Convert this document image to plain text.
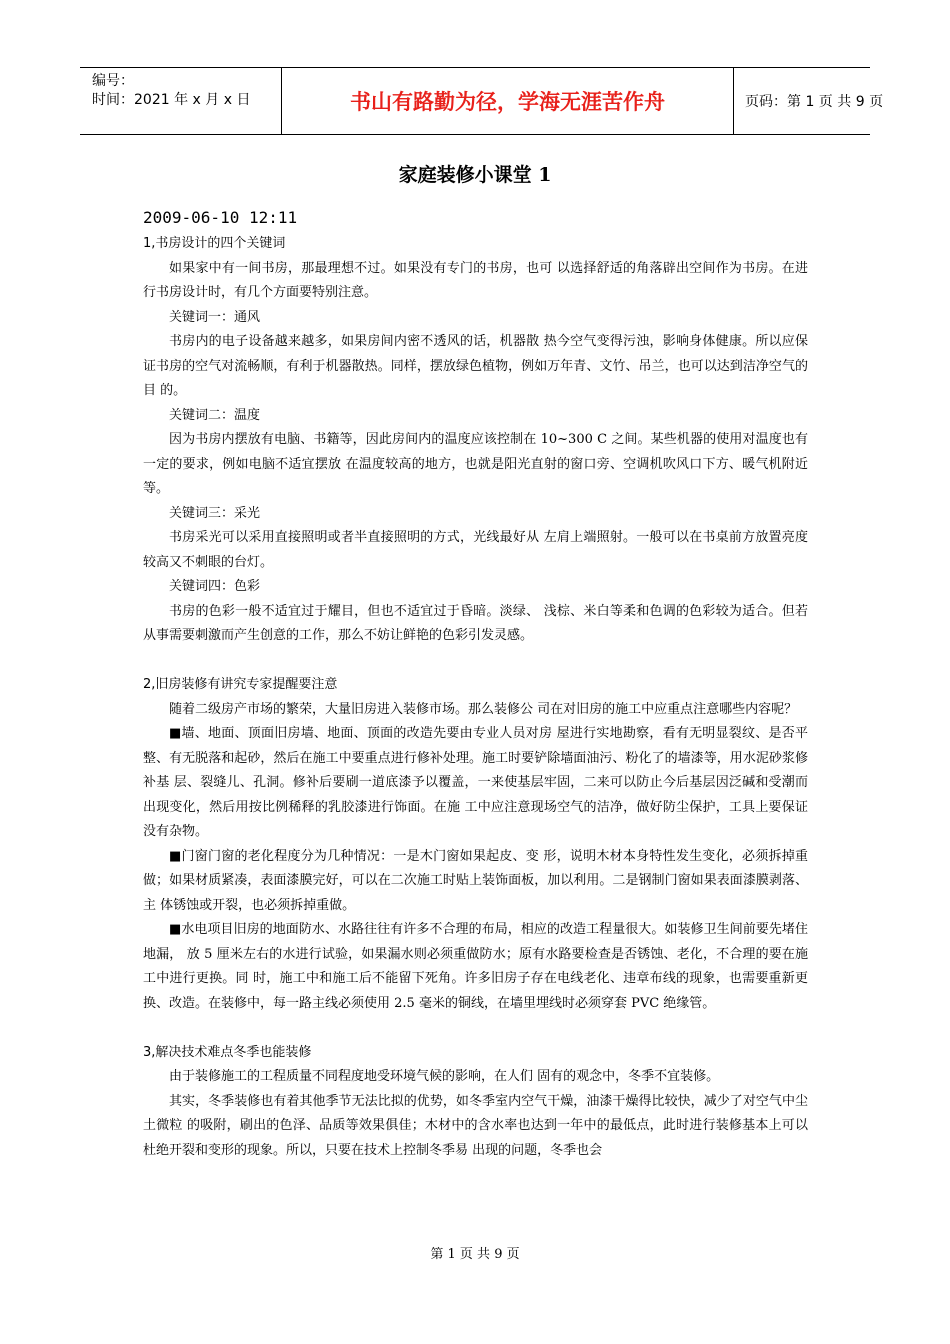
编号：
时间：2021 年 x 月 x 日	书山有路勤为径，学海无涯苦作舟	页码：第 1 页 共 9 页
家庭装修小课堂 1
2009-06-10 12:11

1,书房设计的四个关键词

如果家中有一间书房，那最理想不过。如果没有专门的书房，也可 以选择舒适的角落辟出空间作为书房。在进行书房设计时，有几个方面要特别注意。

关键词一：通风

书房内的电子设备越来越多，如果房间内密不透风的话，机器散 热今空气变得污浊，影响身体健康。所以应保证书房的空气对流畅顺，有利于机器散热。同样，摆放绿色植物，例如万年青、文竹、吊兰，也可以达到洁净空气的目 的。

关键词二：温度

因为书房内摆放有电脑、书籍等，因此房间内的温度应该控制在 10~300 C 之间。某些机器的使用对温度也有一定的要求，例如电脑不适宜摆放 在温度较高的地方，也就是阳光直射的窗口旁、空调机吹风口下方、暖气机附近等。

关键词三：采光

书房采光可以采用直接照明或者半直接照明的方式，光线最好从 左肩上端照射。一般可以在书桌前方放置亮度较高又不刺眼的台灯。

关键词四：色彩

书房的色彩一般不适宜过于耀目，但也不适宜过于昏暗。淡绿、 浅棕、米白等柔和色调的色彩较为适合。但若从事需要刺激而产生创意的工作，那么不妨让鲜艳的色彩引发灵感。

2,旧房装修有讲究专家提醒要注意

随着二级房产市场的繁荣，大量旧房进入装修市场。那么装修公 司在对旧房的施工中应重点注意哪些内容呢？

■墙、地面、顶面旧房墙、地面、顶面的改造先要由专业人员对房 屋进行实地勘察，看有无明显裂纹、是否平整、有无脱落和起砂，然后在施工中要重点进行修补处理。施工时要铲除墙面油污、粉化了的墙漆等，用水泥砂浆修补基 层、裂缝儿、孔洞。修补后要刷一道底漆予以覆盖，一来使基层牢固，二来可以防止今后基层因泛碱和受潮而出现变化，然后用按比例稀释的乳胶漆进行饰面。在施 工中应注意现场空气的洁净，做好防尘保护，工具上要保证没有杂物。

■门窗门窗的老化程度分为几种情况：一是木门窗如果起皮、变 形，说明木材本身特性发生变化，必须拆掉重做；如果材质紧凑，表面漆膜完好，可以在二次施工时贴上装饰面板，加以利用。二是钢制门窗如果表面漆膜剥落、主 体锈蚀或开裂，也必须拆掉重做。

■水电项目旧房的地面防水、水路往往有许多不合理的布局，相应的改造工程量很大。如装修卫生间前要先堵住地漏， 放 5 厘米左右的水进行试验，如果漏水则必须重做防水；原有水路要检查是否锈蚀、老化，不合理的要在施工中进行更换。同 时，施工中和施工后不能留下死角。许多旧房子存在电线老化、违章布线的现象，也需要重新更换、改造。在装修中，每一路主线必须使用 2.5 毫米的铜线，在墙里埋线时必须穿套 PVC 绝缘管。

3,解决技术难点冬季也能装修

由于装修施工的工程质量不同程度地受环境气候的影响，在人们 固有的观念中，冬季不宜装修。

其实，冬季装修也有着其他季节无法比拟的优势，如冬季室内空气干燥，油漆干燥得比较快，减少了对空气中尘土微粒 的吸附，刷出的色泽、品质等效果俱佳；木材中的含水率也达到一年中的最低点，此时进行装修基本上可以杜绝开裂和变形的现象。所以，只要在技术上控制冬季易 出现的问题，冬季也会

第 1 页 共 9 页
